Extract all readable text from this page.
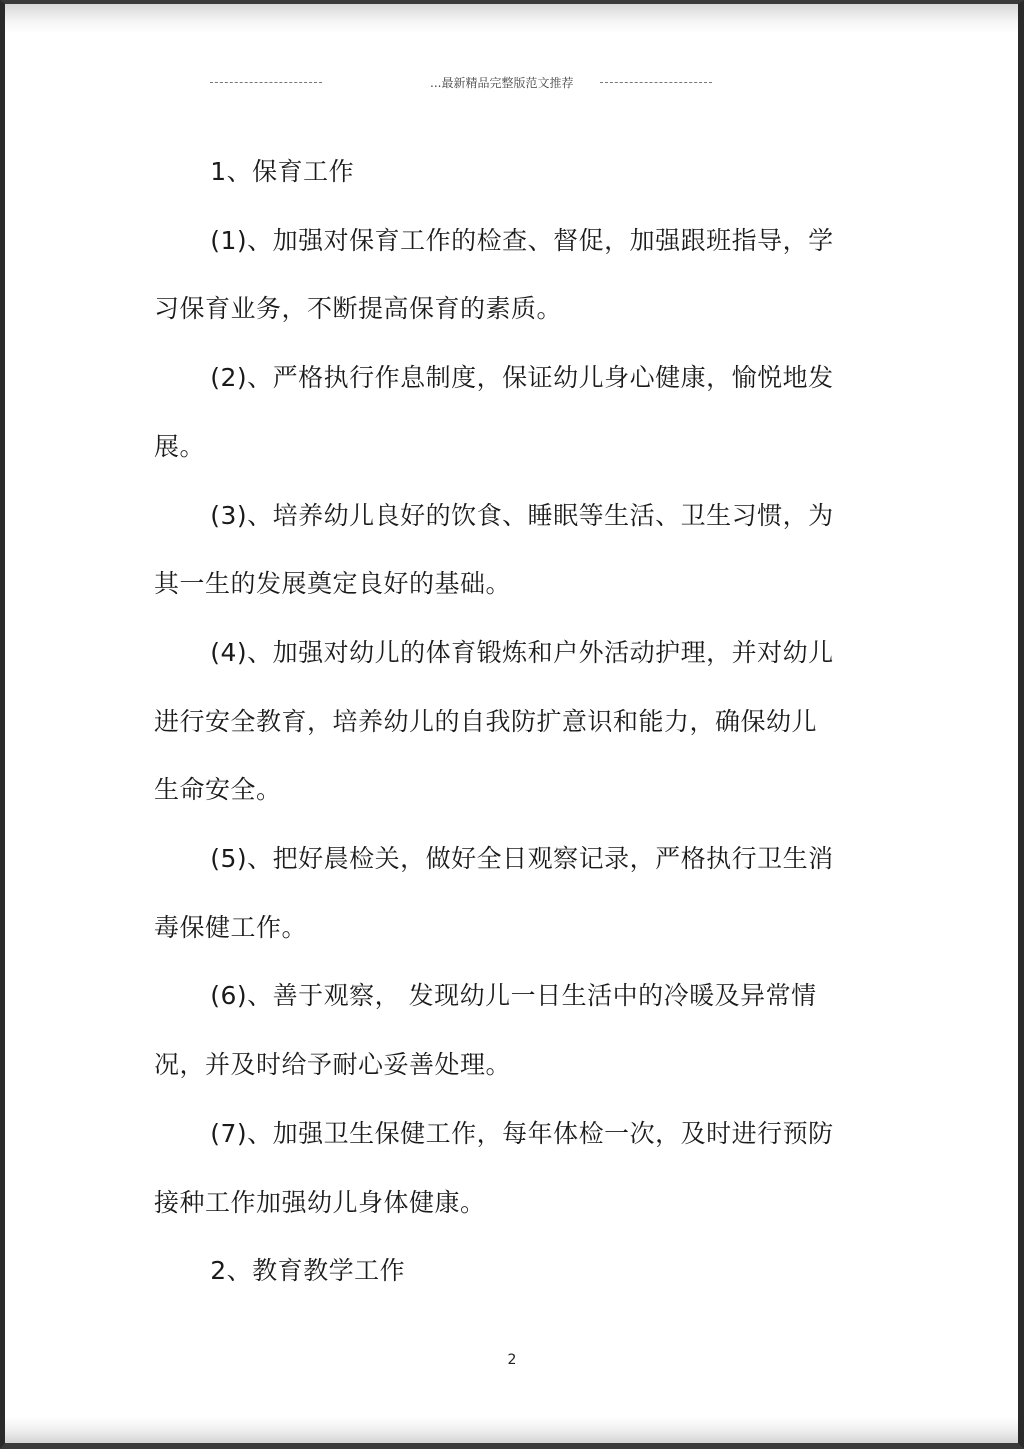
...最新精品完整版范文推荐

1、保育工作

(1)、加强对保育工作的检查、督促，加强跟班指导，学习保育业务，不断提高保育的素质。

(2)、严格执行作息制度，保证幼儿身心健康，愉悦地发展。

(3)、培养幼儿良好的饮食、睡眠等生活、卫生习惯，为其一生的发展奠定良好的基础。

(4)、加强对幼儿的体育锻炼和户外活动护理，并对幼儿进行安全教育，培养幼儿的自我防扩意识和能力，确保幼儿生命安全。

(5)、把好晨检关，做好全日观察记录，严格执行卫生消毒保健工作。

(6)、善于观察， 发现幼儿一日生活中的冷暖及异常情况，并及时给予耐心妥善处理。

(7)、加强卫生保健工作，每年体检一次，及时进行预防接种工作加强幼儿身体健康。

2、教育教学工作

2
